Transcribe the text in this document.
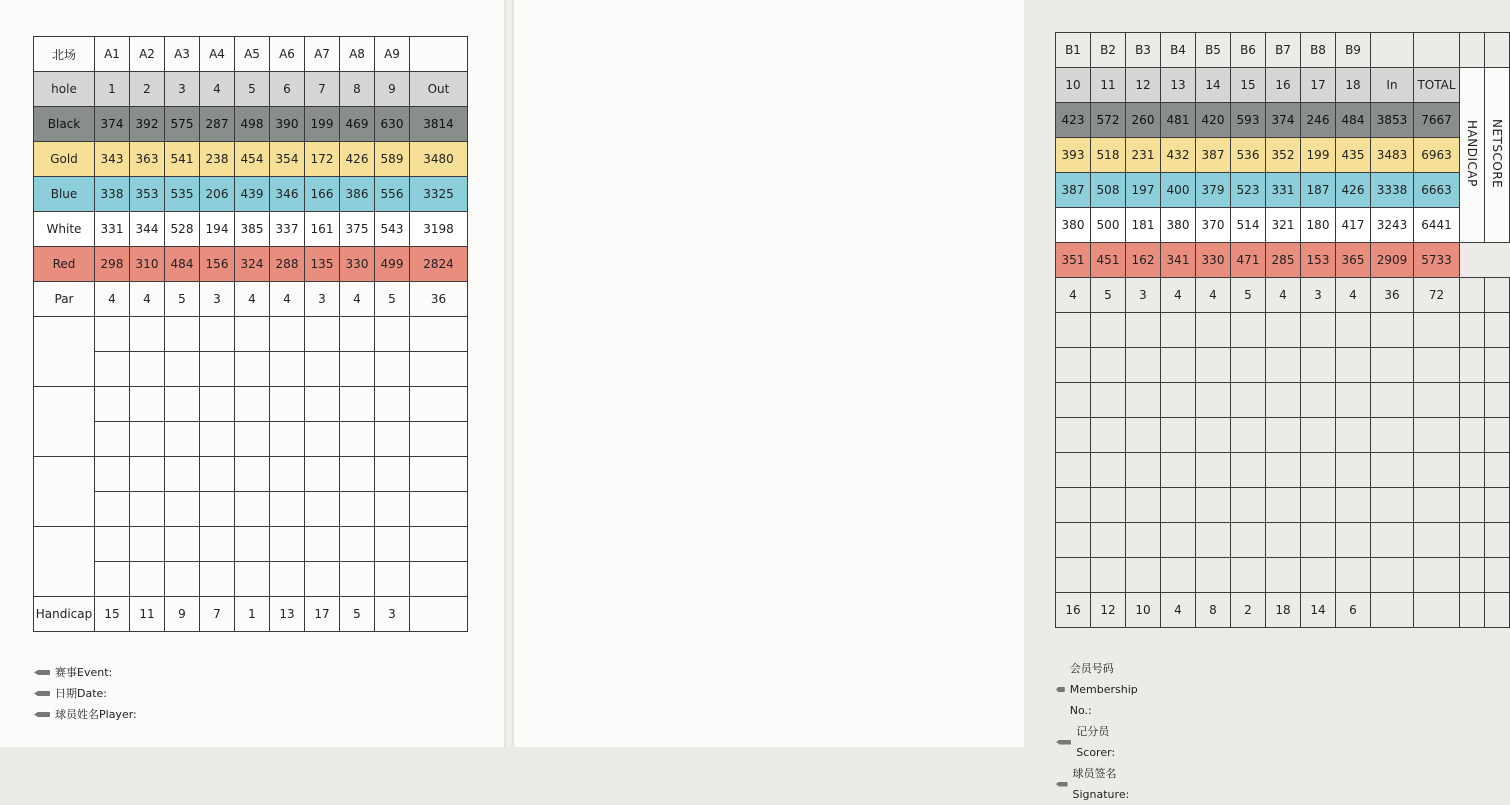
北场	A1	A2	A3	A4	A5	A6	A7	A8	A9	
hole	1	2	3	4	5	6	7	8	9	Out
Black	374	392	575	287	498	390	199	469	630	3814
Gold	343	363	541	238	454	354	172	426	589	3480
Blue	338	353	535	206	439	346	166	386	556	3325
White	331	344	528	194	385	337	161	375	543	3198
Red	298	310	484	156	324	288	135	330	499	2824
Par	4	4	5	3	4	4	3	4	5	36

Handicap	15	11	9	7	1	13	17	5	3	
赛事Event:
日期Date:
球员姓名Player:
B1	B2	B3	B4	B5	B6	B7	B8	B9				
10	11	12	13	14	15	16	17	18	In	TOTAL	HANDICAP	NETSCORE
423	572	260	481	420	593	374	246	484	3853	7667		
393	518	231	432	387	536	352	199	435	3483	6963		
387	508	197	400	379	523	331	187	426	3338	6663		
380	500	181	380	370	514	321	180	417	3243	6441		
351	451	162	341	330	471	285	153	365	2909	5733		
4	5	3	4	4	5	4	3	4	36	72		

16	12	10	4	8	2	18	14	6				
会员号码Membership No.:
记分员Scorer:
球员签名Signature:
